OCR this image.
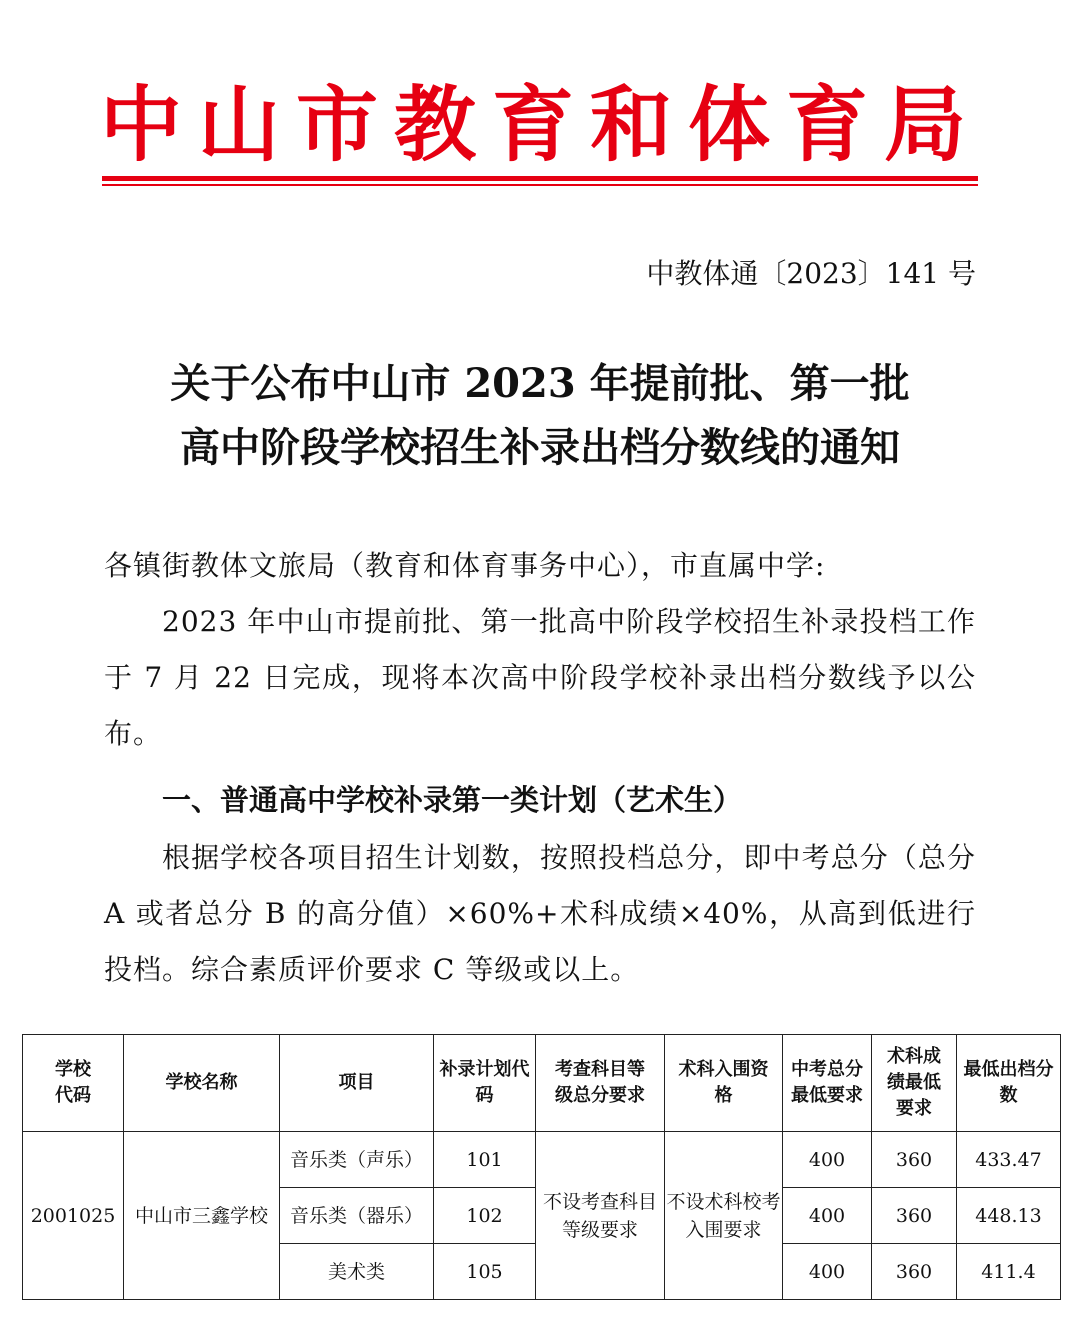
中山市教育和体育局
中教体通〔2023〕141 号
关于公布中山市 2023 年提前批、第一批
高中阶段学校招生补录出档分数线的通知
各镇街教体文旅局（教育和体育事务中心），市直属中学:
2023 年中山市提前批、第一批高中阶段学校招生补录投档工作于 7 月 22 日完成，现将本次高中阶段学校补录出档分数线予以公布。
一、普通高中学校补录第一类计划（艺术生）
根据学校各项目招生计划数，按照投档总分，即中考总分（总分 A 或者总分 B 的高分值）×60%+术科成绩×40%，从高到低进行投档。综合素质评价要求 C 等级或以上。
学校代码	学校名称	项目	补录计划代码	考查科目等级总分要求	术科入围资格	中考总分最低要求	术科成绩最低要求	最低出档分数
2001025	中山市三鑫学校	音乐类（声乐）	101	不设考查科目等级要求	不设术科校考入围要求	400	360	433.47
		音乐类（器乐）	102			400	360	448.13
		美术类	105			400	360	411.4
